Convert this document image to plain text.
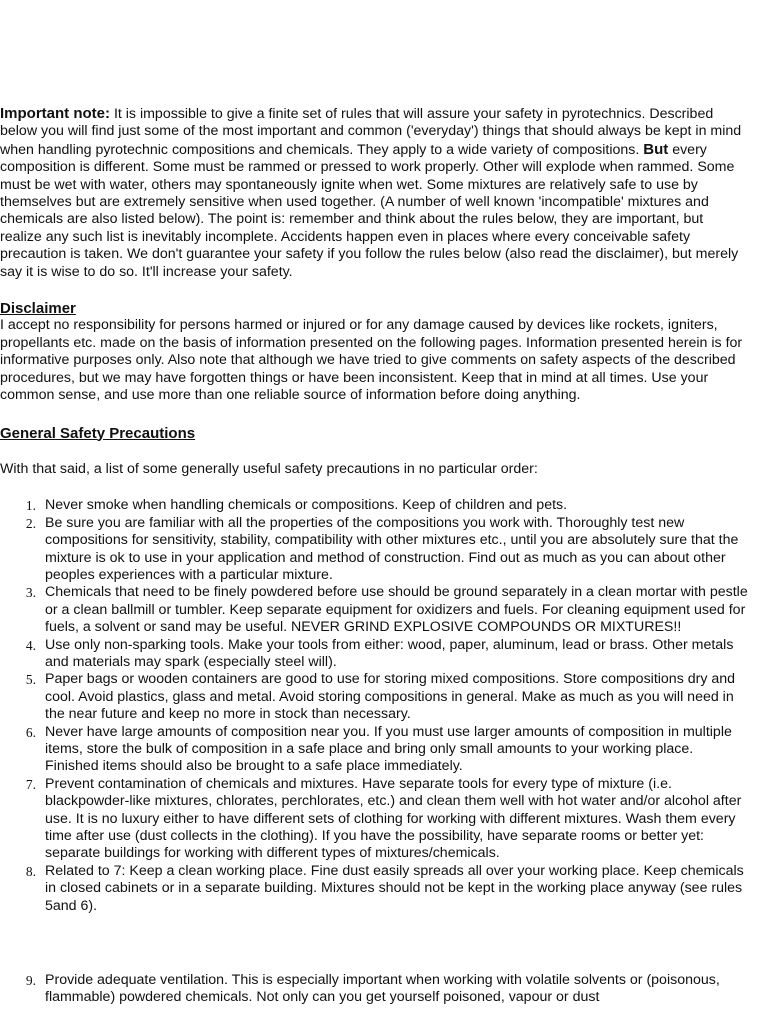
Important note: It is impossible to give a finite set of rules that will assure your safety in pyrotechnics. Described below you will find just some of the most important and common ('everyday') things that should always be kept in mind when handling pyrotechnic compositions and chemicals. They apply to a wide variety of compositions. But every composition is different. Some must be rammed or pressed to work properly. Other will explode when rammed. Some must be wet with water, others may spontaneously ignite when wet. Some mixtures are relatively safe to use by themselves but are extremely sensitive when used together. (A number of well known 'incompatible' mixtures and chemicals are also listed below). The point is: remember and think about the rules below, they are important, but realize any such list is inevitably incomplete. Accidents happen even in places where every conceivable safety precaution is taken. We don't guarantee your safety if you follow the rules below (also read the disclaimer), but merely say it is wise to do so. It'll increase your safety.

Disclaimer

I accept no responsibility for persons harmed or injured or for any damage caused by devices like rockets, igniters, propellants etc. made on the basis of information presented on the following pages. Information presented herein is for informative purposes only. Also note that although we have tried to give comments on safety aspects of the described procedures, but we may have forgotten things or have been inconsistent. Keep that in mind at all times. Use your common sense, and use more than one reliable source of information before doing anything.

General Safety Precautions

With that said, a list of some generally useful safety precautions in no particular order:

1. Never smoke when handling chemicals or compositions. Keep of children and pets.
2. Be sure you are familiar with all the properties of the compositions you work with. Thoroughly test new compositions for sensitivity, stability, compatibility with other mixtures etc., until you are absolutely sure that the mixture is ok to use in your application and method of construction. Find out as much as you can about other peoples experiences with a particular mixture.
3. Chemicals that need to be finely powdered before use should be ground separately in a clean mortar with pestle or a clean ballmill or tumbler. Keep separate equipment for oxidizers and fuels. For cleaning equipment used for fuels, a solvent or sand may be useful. NEVER GRIND EXPLOSIVE COMPOUNDS OR MIXTURES!!
4. Use only non-sparking tools. Make your tools from either: wood, paper, aluminum, lead or brass. Other metals and materials may spark (especially steel will).
5. Paper bags or wooden containers are good to use for storing mixed compositions. Store compositions dry and cool. Avoid plastics, glass and metal. Avoid storing compositions in general. Make as much as you will need in the near future and keep no more in stock than necessary.
6. Never have large amounts of composition near you. If you must use larger amounts of composition in multiple items, store the bulk of composition in a safe place and bring only small amounts to your working place. Finished items should also be brought to a safe place immediately.
7. Prevent contamination of chemicals and mixtures. Have separate tools for every type of mixture (i.e. blackpowder-like mixtures, chlorates, perchlorates, etc.) and clean them well with hot water and/or alcohol after use. It is no luxury either to have different sets of clothing for working with different mixtures. Wash them every time after use (dust collects in the clothing). If you have the possibility, have separate rooms or better yet: separate buildings for working with different types of mixtures/chemicals.
8. Related to 7: Keep a clean working place. Fine dust easily spreads all over your working place. Keep chemicals in closed cabinets or in a separate building. Mixtures should not be kept in the working place anyway (see rules 5and 6).
9. Provide adequate ventilation. This is especially important when working with volatile solvents or (poisonous, flammable) powdered chemicals. Not only can you get yourself poisoned, vapour or dust
